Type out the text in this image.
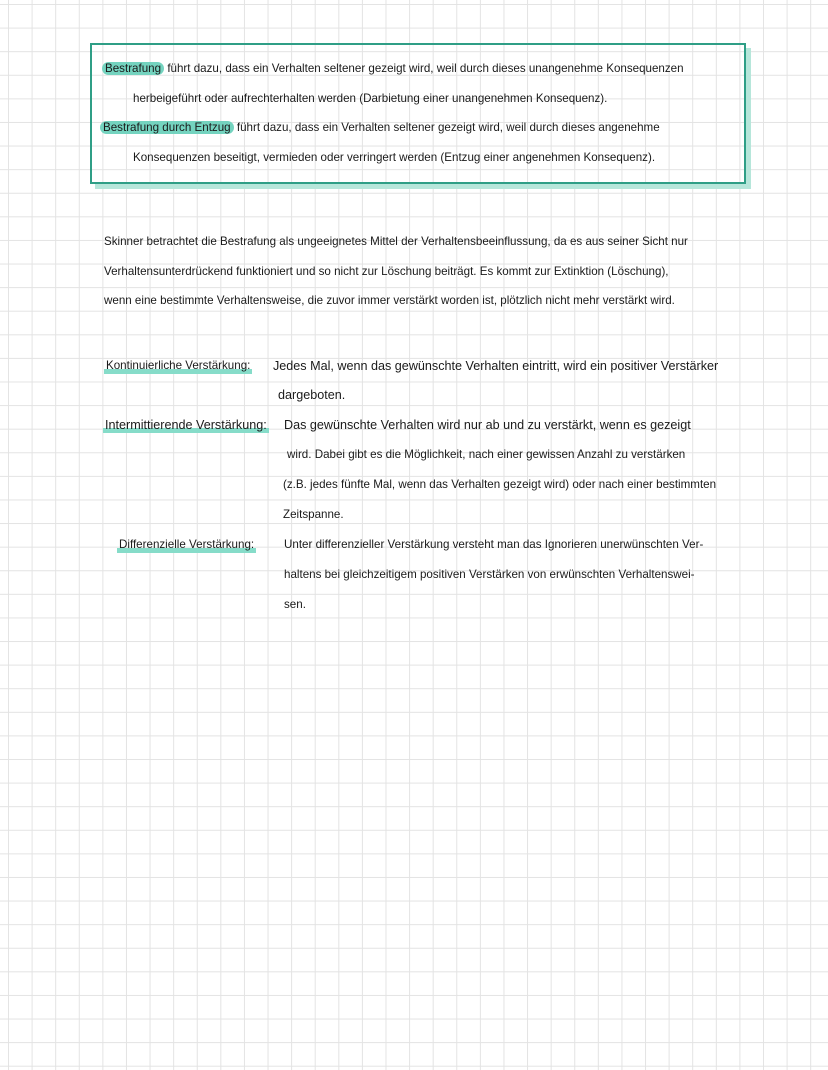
Bestrafung führt dazu, dass ein Verhalten seltener gezeigt wird, weil durch dieses unangenehme Konsequenzen
herbeigeführt oder aufrechterhalten werden (Darbietung einer unangenehmen Konsequenz).
Bestrafung durch Entzug führt dazu, dass ein Verhalten seltener gezeigt wird, weil durch dieses angenehme
Konsequenzen beseitigt, vermieden oder verringert werden (Entzug einer angenehmen Konsequenz).
Skinner betrachtet die Bestrafung als ungeeignetes Mittel der Verhaltensbeeinflussung, da es aus seiner Sicht nur
Verhaltensunterdrückend funktioniert und so nicht zur Löschung beiträgt. Es kommt zur Extinktion (Löschung),
wenn eine bestimmte Verhaltensweise, die zuvor immer verstärkt worden ist, plötzlich nicht mehr verstärkt wird.
Kontinuierliche Verstärkung: Jedes Mal, wenn das gewünschte Verhalten eintritt, wird ein positiver Verstärker
dargeboten.
Intermittierende Verstärkung: Das gewünschte Verhalten wird nur ab und zu verstärkt, wenn es gezeigt
wird. Dabei gibt es die Möglichkeit, nach einer gewissen Anzahl zu verstärken
(z.B. jedes fünfte Mal, wenn das Verhalten gezeigt wird) oder nach einer bestimmten
Zeitspanne.
Differenzielle Verstärkung:	Unter differenzieller Verstärkung versteht man das Ignorieren unerwünschten Ver-
haltens bei gleichzeitigem positiven Verstärken von erwünschten Verhaltenswei-
sen.
